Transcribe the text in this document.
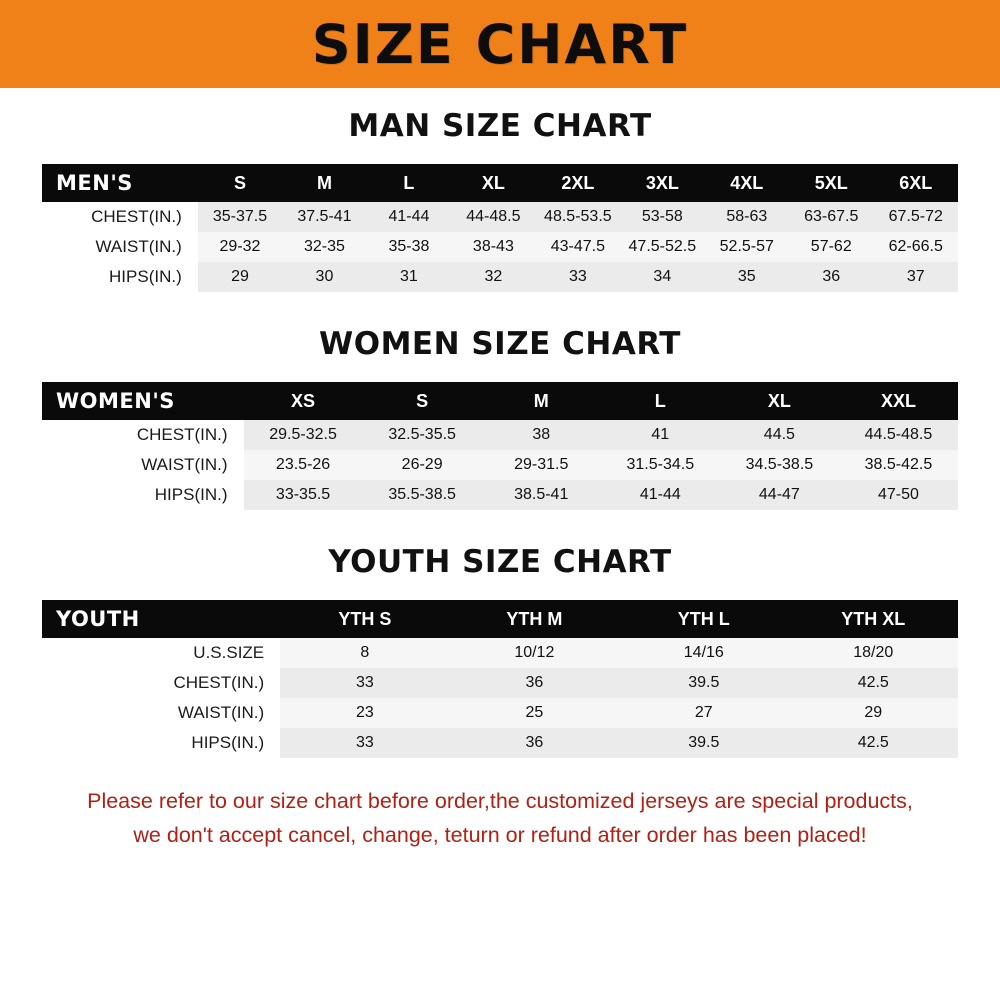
SIZE CHART
MAN SIZE CHART
MEN'S	S	M	L	XL	2XL	3XL	4XL	5XL	6XL
CHEST(IN.)	35-37.5	37.5-41	41-44	44-48.5	48.5-53.5	53-58	58-63	63-67.5	67.5-72
WAIST(IN.)	29-32	32-35	35-38	38-43	43-47.5	47.5-52.5	52.5-57	57-62	62-66.5
HIPS(IN.)	29	30	31	32	33	34	35	36	37
WOMEN SIZE CHART
WOMEN'S	XS	S	M	L	XL	XXL
CHEST(IN.)	29.5-32.5	32.5-35.5	38	41	44.5	44.5-48.5
WAIST(IN.)	23.5-26	26-29	29-31.5	31.5-34.5	34.5-38.5	38.5-42.5
HIPS(IN.)	33-35.5	35.5-38.5	38.5-41	41-44	44-47	47-50
YOUTH SIZE CHART
YOUTH	YTH S	YTH M	YTH L	YTH XL
U.S.SIZE	8	10/12	14/16	18/20
CHEST(IN.)	33	36	39.5	42.5
WAIST(IN.)	23	25	27	29
HIPS(IN.)	33	36	39.5	42.5
Please refer to our size chart before order,the customized jerseys are special products,
we don't accept cancel, change, teturn or refund after order has been placed!
